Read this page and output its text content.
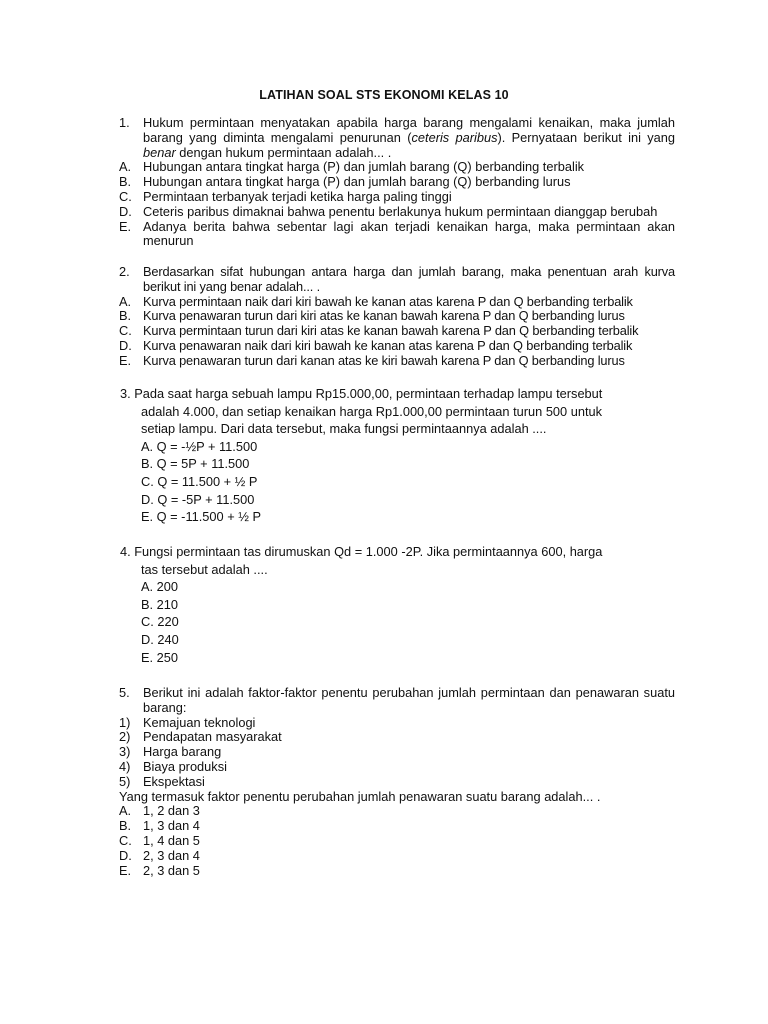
LATIHAN SOAL STS EKONOMI KELAS 10
1.	Hukum permintaan menyatakan apabila harga barang mengalami kenaikan, maka jumlah barang yang diminta mengalami penurunan (ceteris paribus). Pernyataan berikut ini yang benar dengan hukum permintaan adalah... .
A. Hubungan antara tingkat harga (P) dan jumlah barang (Q) berbanding terbalik
B. Hubungan antara tingkat harga (P) dan jumlah barang (Q) berbanding lurus
C. Permintaan terbanyak terjadi ketika harga paling tinggi
D. Ceteris paribus dimaknai bahwa penentu berlakunya hukum permintaan dianggap berubah
E. Adanya berita bahwa sebentar lagi akan terjadi kenaikan harga, maka permintaan akan menurun
2.	Berdasarkan sifat hubungan antara harga dan jumlah barang, maka penentuan arah kurva berikut ini yang benar adalah... .
A. Kurva permintaan naik dari kiri bawah ke kanan atas karena P dan Q berbanding terbalik
B. Kurva penawaran turun dari kiri atas ke kanan bawah karena P dan Q berbanding lurus
C. Kurva permintaan turun dari kiri atas ke kanan bawah karena P dan Q berbanding terbalik
D. Kurva penawaran naik dari kiri bawah ke kanan atas karena P dan Q berbanding terbalik
E. Kurva penawaran turun dari kanan atas ke kiri bawah karena P dan Q berbanding lurus
3. Pada saat harga sebuah lampu Rp15.000,00, permintaan terhadap lampu tersebut
adalah 4.000, dan setiap kenaikan harga Rp1.000,00 permintaan turun 500 untuk
setiap lampu. Dari data tersebut, maka fungsi permintaannya adalah ....
A. Q = -½P + 11.500
B. Q = 5P + 11.500
C. Q = 11.500 + ½ P
D. Q = -5P + 11.500
E. Q = -11.500 + ½ P
4. Fungsi permintaan tas dirumuskan Qd = 1.000 -2P. Jika permintaannya 600, harga
tas tersebut adalah ....
A. 200
B. 210
C. 220
D. 240
E. 250
5.	Berikut ini adalah faktor-faktor penentu perubahan jumlah permintaan dan penawaran suatu barang:
1) Kemajuan teknologi
2) Pendapatan masyarakat
3) Harga barang
4) Biaya produksi
5) Ekspektasi
Yang termasuk faktor penentu perubahan jumlah penawaran suatu barang adalah... .
A. 1, 2 dan 3
B. 1, 3 dan 4
C. 1, 4 dan 5
D. 2, 3 dan 4
E. 2, 3 dan 5
